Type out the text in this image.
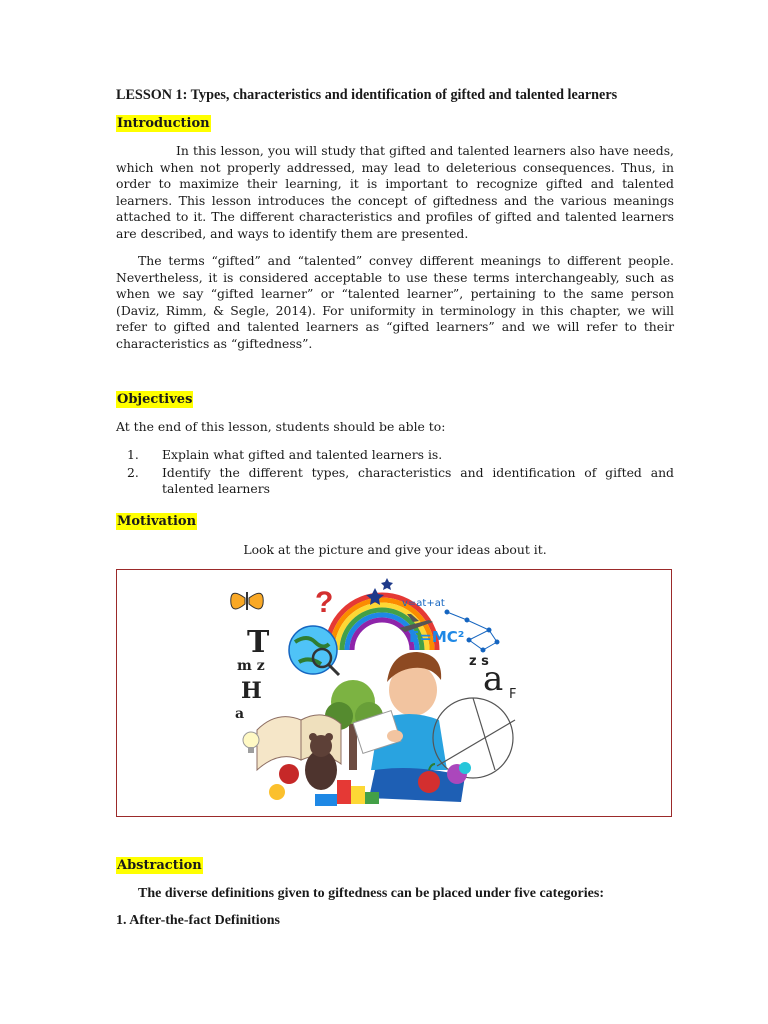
LESSON 1: Types, characteristics and identification of gifted and talented learners
Introduction

In this lesson, you will study that gifted and talented learners also have needs, which when not properly addressed, may lead to deleterious consequences. Thus, in order to maximize their learning, it is important to recognize gifted and talented learners. This lesson introduces the concept of giftedness and the various meanings attached to it. The different characteristics and profiles of gifted and talented learners are described, and ways to identify them are presented.

The terms “gifted” and “talented” convey different meanings to different people. Nevertheless, it is considered acceptable to use these terms interchangeably, such as when we say “gifted learner” or “talented learner”, pertaining to the same person (Daviz, Rimm, & Segle, 2014). For uniformity in terminology in this chapter, we will refer to gifted and talented learners as “gifted learners” and we will refer to their characteristics as “giftedness”.

Objectives
At the end of this lesson, students should be able to:
1. Explain what gifted and talented learners is.
2. Identify the different types, characteristics and identification of gifted and talented learners
Motivation
Look at the picture and give your ideas about it.
Abstraction
The diverse definitions given to giftedness can be placed under five categories:
1. After-the-fact Definitions
?
T
m z
H
a
a
z s
F
E=MC²
v=at+at
